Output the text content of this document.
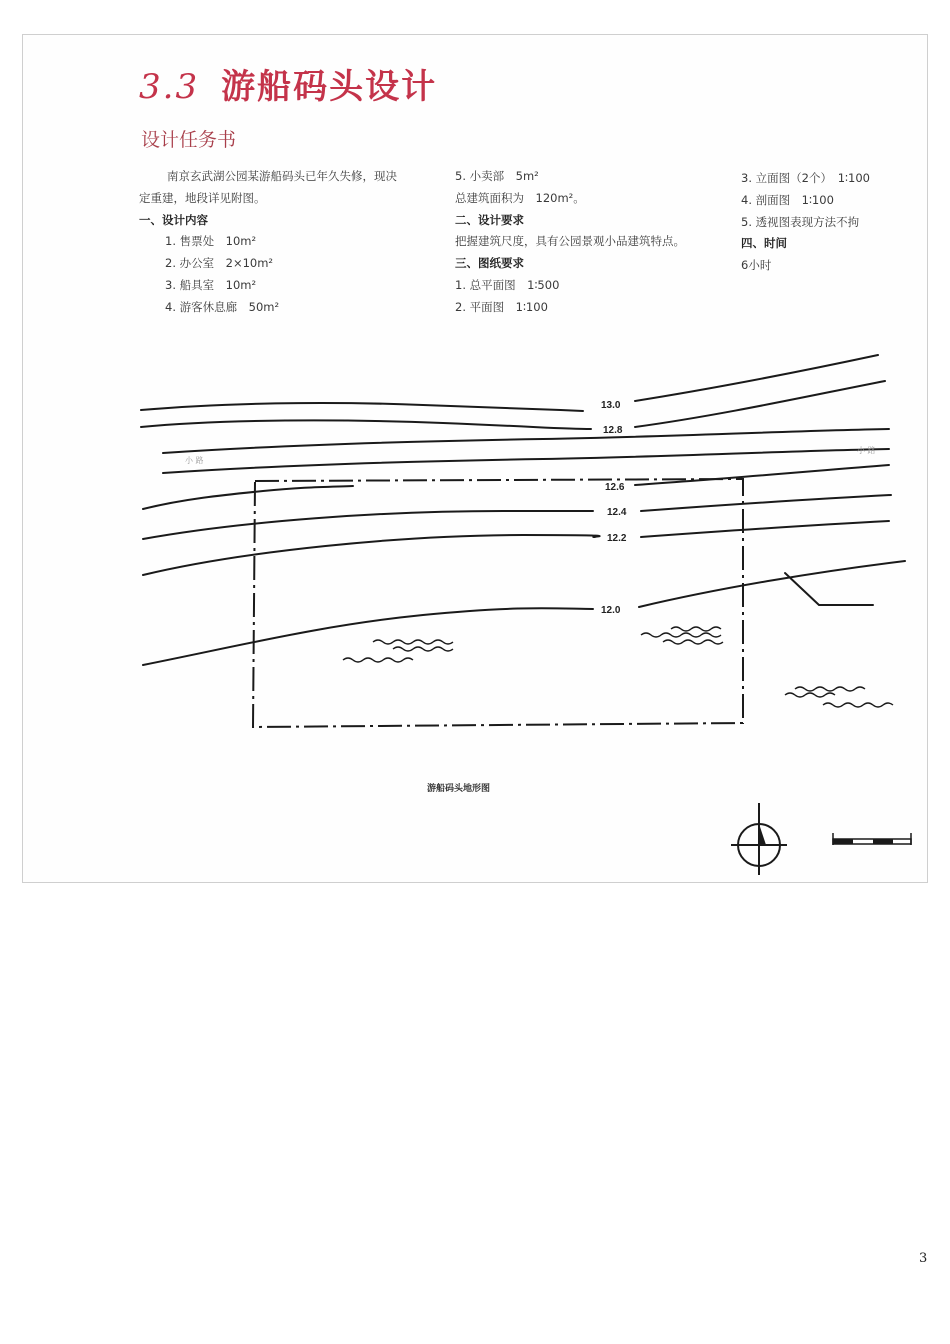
3.3 游船码头设计
设计任务书
南京玄武湖公园某游船码头已年久失修，现决
定重建，地段详见附图。
一、设计内容
1. 售票处　10m²
2. 办公室　2×10m²
3. 船具室　10m²
4. 游客休息廊　50m²
5. 小卖部　5m²
总建筑面积为　120m²。
二、设计要求
把握建筑尺度，具有公园景观小品建筑特点。
三、图纸要求
1. 总平面图　1∶500
2. 平面图　1∶100
3. 立面图（2个）　1∶100
4. 剖面图　1∶100
5. 透视图表现方法不拘
四、时间
6小时
13.0
12.8
12.6
12.4
12.2
12.0
小 路
小 路
游船码头地形图
3
